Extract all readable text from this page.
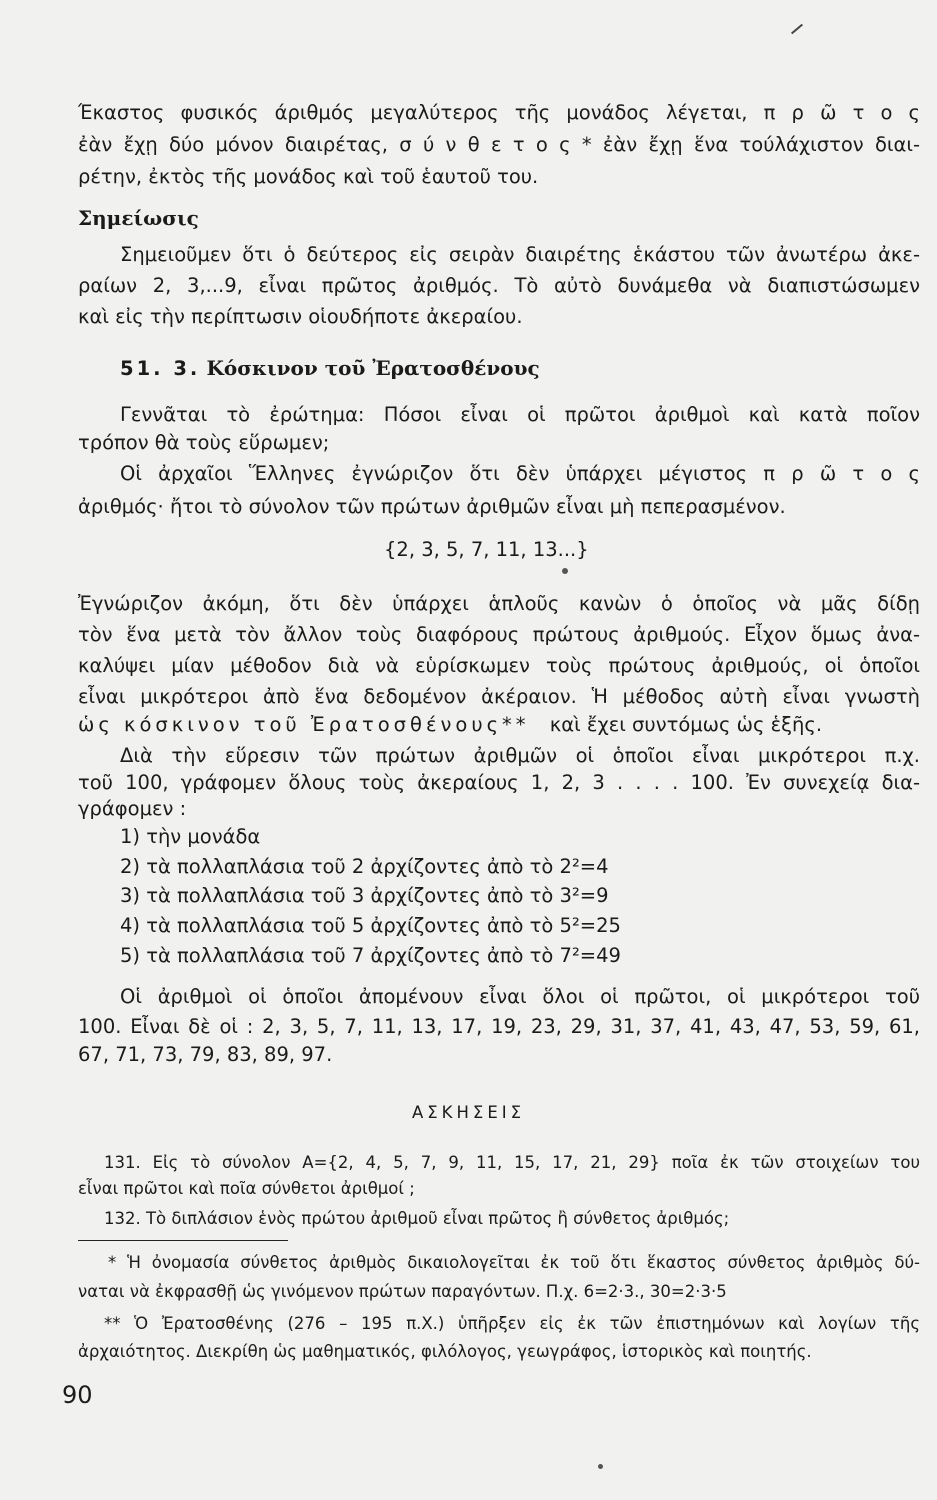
Έκαστος φυσικός άριθμός μεγαλύτερος τῆς μονάδος λέγεται, π ρ ῶ τ ο ς
ἐὰν ἔχῃ δύο μόνον διαιρέτας, σ ύ ν θ ε τ ο ς * ἐὰν ἔχῃ ἕνα τούλάχιστον διαι-
ρέτην, ἐκτὸς τῆς μονάδος καὶ τοῦ ἑαυτοῦ του.
Σημείωσις
Σημειοῦμεν ὅτι ὁ δεύτερος εἰς σειρὰν διαιρέτης ἑκάστου τῶν ἀνωτέρω ἀκε-
ραίων 2, 3,...9, εἶναι πρῶτος ἀριθμός. Τὸ αὐτὸ δυνάμεθα νὰ διαπιστώσωμεν
καὶ εἰς τὴν περίπτωσιν οἱουδήποτε ἀκεραίου.
51. 3. Κόσκινον τοῦ Ἐρατοσθένους
Γεννᾶται τὸ ἐρώτημα: Πόσοι εἶναι οἱ πρῶτοι ἀριθμοὶ καὶ κατὰ ποῖον
τρόπον θὰ τοὺς εὕρωμεν;
Οἱ ἀρχαῖοι Ἕλληνες ἐγνώριζον ὅτι δὲν ὑπάρχει μέγιστος π ρ ῶ τ ο ς
ἀριθμός· ἤτοι τὸ σύνολον τῶν πρώτων ἀριθμῶν εἶναι μὴ πεπερασμένον.
{2, 3, 5, 7, 11, 13...}
Ἐγνώριζον ἀκόμη, ὅτι δὲν ὑπάρχει ἁπλοῦς κανὼν ὁ ὁποῖος νὰ μᾶς δίδῃ
τὸν ἕνα μετὰ τὸν ἄλλον τοὺς διαφόρους πρώτους ἀριθμούς. Εἶχον ὅμως ἀνα-
καλύψει μίαν μέθοδον διὰ νὰ εὑρίσκωμεν τοὺς πρώτους ἀριθμούς, οἱ ὁποῖοι
εἶναι μικρότεροι ἀπὸ ἕνα δεδομένον ἀκέραιον. Ἡ μέθοδος αὐτὴ εἶναι γνωστὴ
ὡς κόσκινον τοῦ Ἐρατοσθένους** καὶ ἔχει συντόμως ὡς ἑξῆς.
Διὰ τὴν εὕρεσιν τῶν πρώτων ἀριθμῶν οἱ ὁποῖοι εἶναι μικρότεροι π.χ.
τοῦ 100, γράφομεν ὅλους τοὺς ἀκεραίους 1, 2, 3 . . . . 100. Ἐν συνεχείᾳ δια-
γράφομεν :
1) τὴν μονάδα
2) τὰ πολλαπλάσια τοῦ 2 ἀρχίζοντες ἀπὸ τὸ 2²=4
3) τὰ πολλαπλάσια τοῦ 3 ἀρχίζοντες ἀπὸ τὸ 3²=9
4) τὰ πολλαπλάσια τοῦ 5 ἀρχίζοντες ἀπὸ τὸ 5²=25
5) τὰ πολλαπλάσια τοῦ 7 ἀρχίζοντες ἀπὸ τὸ 7²=49
Οἱ ἀριθμοὶ οἱ ὁποῖοι ἀπομένουν εἶναι ὅλοι οἱ πρῶτοι, οἱ μικρότεροι τοῦ
100. Εἶναι δὲ οἱ : 2, 3, 5, 7, 11, 13, 17, 19, 23, 29, 31, 37, 41, 43, 47, 53, 59, 61,
67, 71, 73, 79, 83, 89, 97.
ΑΣΚΗΣΕΙΣ
131. Εἰς τὸ σύνολον Α={2, 4, 5, 7, 9, 11, 15, 17, 21, 29} ποῖα ἐκ τῶν στοιχείων του
εἶναι πρῶτοι καὶ ποῖα σύνθετοι ἀριθμοί ;
132. Τὸ διπλάσιον ἑνὸς πρώτου ἀριθμοῦ εἶναι πρῶτος ἢ σύνθετος ἀριθμός;
* Ἡ ὀνομασία σύνθετος ἀριθμὸς δικαιολογεῖται ἐκ τοῦ ὅτι ἕκαστος σύνθετος ἀριθμὸς δύ-
ναται νὰ ἐκφρασθῇ ὡς γινόμενον πρώτων παραγόντων. Π.χ. 6=2·3., 30=2·3·5
** Ὁ Ἐρατοσθένης (276 – 195 π.Χ.) ὑπῆρξεν εἰς ἐκ τῶν ἐπιστημόνων καὶ λογίων τῆς
ἀρχαιότητος. Διεκρίθη ὡς μαθηματικός, φιλόλογος, γεωγράφος, ἱστορικὸς καὶ ποιητής.
90
